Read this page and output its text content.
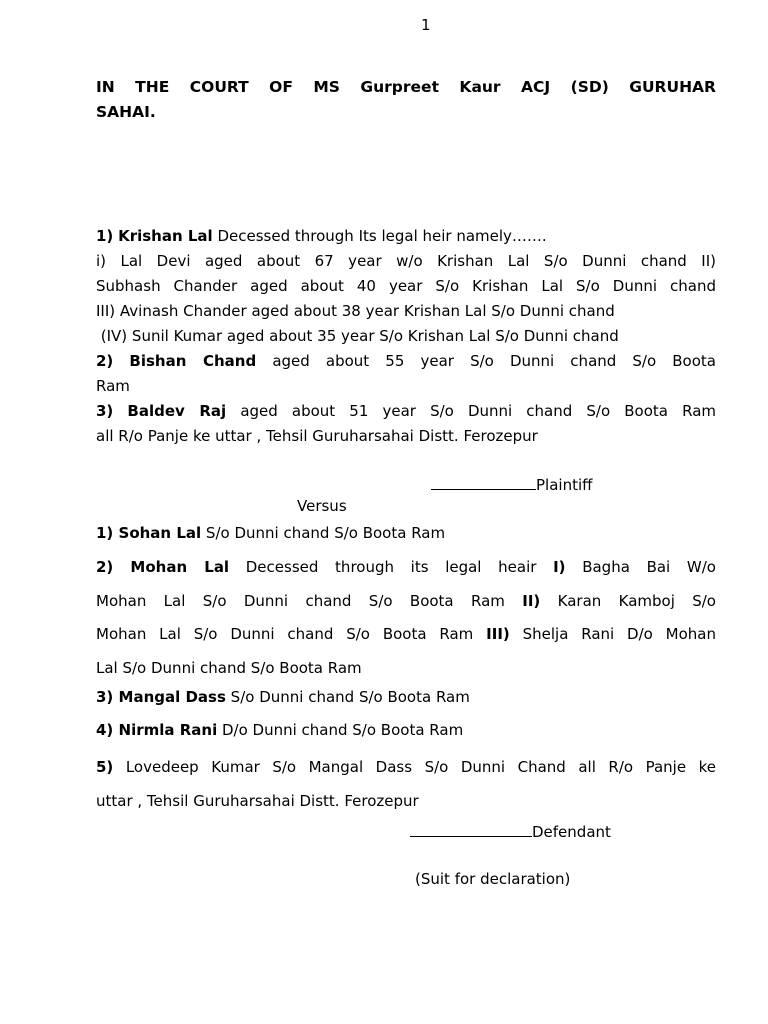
1
IN THE COURT OF MS Gurpreet Kaur ACJ (SD) GURUHAR
SAHAI.
1) Krishan Lal Decessed through Its legal heir namely…….
i) Lal Devi aged about 67 year w/o Krishan Lal S/o Dunni chand II)
Subhash Chander aged about 40 year S/o Krishan Lal S/o Dunni chand
III) Avinash Chander aged about 38 year Krishan Lal S/o Dunni chand
(IV) Sunil Kumar aged about 35 year S/o Krishan Lal S/o Dunni chand
2) Bishan Chand aged about 55 year S/o Dunni chand S/o Boota
Ram
3) Baldev Raj aged about 51 year S/o Dunni chand S/o Boota Ram
all R/o Panje ke uttar , Tehsil Guruharsahai Distt. Ferozepur
Plaintiff
Versus
1) Sohan Lal S/o Dunni chand S/o Boota Ram
2) Mohan Lal Decessed through its legal heair I) Bagha Bai W/o
Mohan Lal S/o Dunni chand S/o Boota Ram II) Karan Kamboj S/o
Mohan Lal S/o Dunni chand S/o Boota Ram III) Shelja Rani D/o Mohan
Lal S/o Dunni chand S/o Boota Ram
3) Mangal Dass S/o Dunni chand S/o Boota Ram
4) Nirmla Rani D/o Dunni chand S/o Boota Ram
5) Lovedeep Kumar S/o Mangal Dass S/o Dunni Chand all R/o Panje ke
uttar , Tehsil Guruharsahai Distt. Ferozepur
Defendant
(Suit for declaration)
